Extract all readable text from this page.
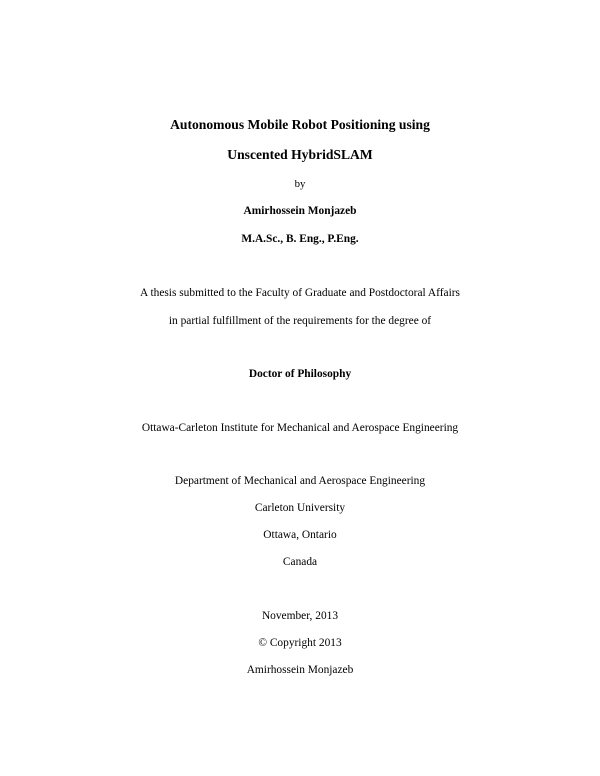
Autonomous Mobile Robot Positioning using
Unscented HybridSLAM
by
Amirhossein Monjazeb
M.A.Sc., B. Eng., P.Eng.
A thesis submitted to the Faculty of Graduate and Postdoctoral Affairs
in partial fulfillment of the requirements for the degree of
Doctor of Philosophy
Ottawa-Carleton Institute for Mechanical and Aerospace Engineering
Department of Mechanical and Aerospace Engineering
Carleton University
Ottawa, Ontario
Canada
November, 2013
© Copyright 2013
Amirhossein Monjazeb
